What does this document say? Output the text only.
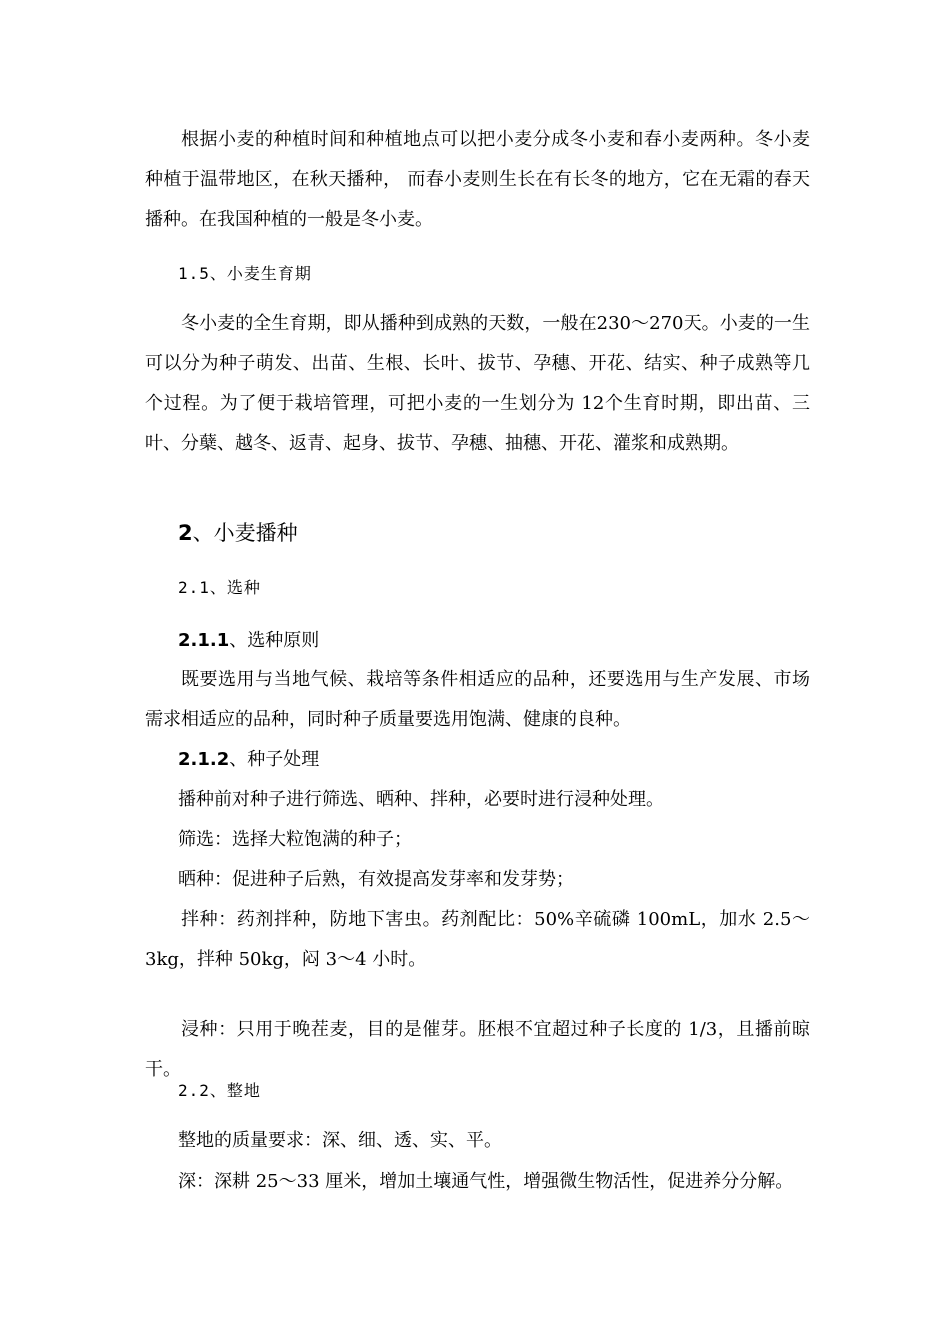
根据小麦的种植时间和种植地点可以把小麦分成冬小麦和春小麦两种。冬小麦种植于温带地区，在秋天播种， 而春小麦则生长在有长冬的地方，它在无霜的春天播种。在我国种植的一般是冬小麦。

1.5、小麦生育期

冬小麦的全生育期，即从播种到成熟的天数，一般在230～270天。小麦的一生可以分为种子萌发、出苗、生根、长叶、拔节、孕穗、开花、结实、种子成熟等几个过程。为了便于栽培管理，可把小麦的一生划分为 12个生育时期，即出苗、三叶、分蘖、越冬、返青、起身、拔节、孕穗、抽穗、开花、灌浆和成熟期。

2、小麦播种

2.1、选种

2.1.1、选种原则

既要选用与当地气候、栽培等条件相适应的品种，还要选用与生产发展、市场需求相适应的品种，同时种子质量要选用饱满、健康的良种。

2.1.2、种子处理

播种前对种子进行筛选、晒种、拌种，必要时进行浸种处理。

筛选：选择大粒饱满的种子；

晒种：促进种子后熟，有效提高发芽率和发芽势；

拌种：药剂拌种，防地下害虫。药剂配比：50%辛硫磷 100mL，加水 2.5～3kg，拌种 50kg，闷 3～4 小时。

浸种：只用于晚茬麦，目的是催芽。胚根不宜超过种子长度的 1/3，且播前晾干。

2.2、整地

整地的质量要求：深、细、透、实、平。

深：深耕 25～33 厘米，增加土壤通气性，增强微生物活性，促进养分分解。
